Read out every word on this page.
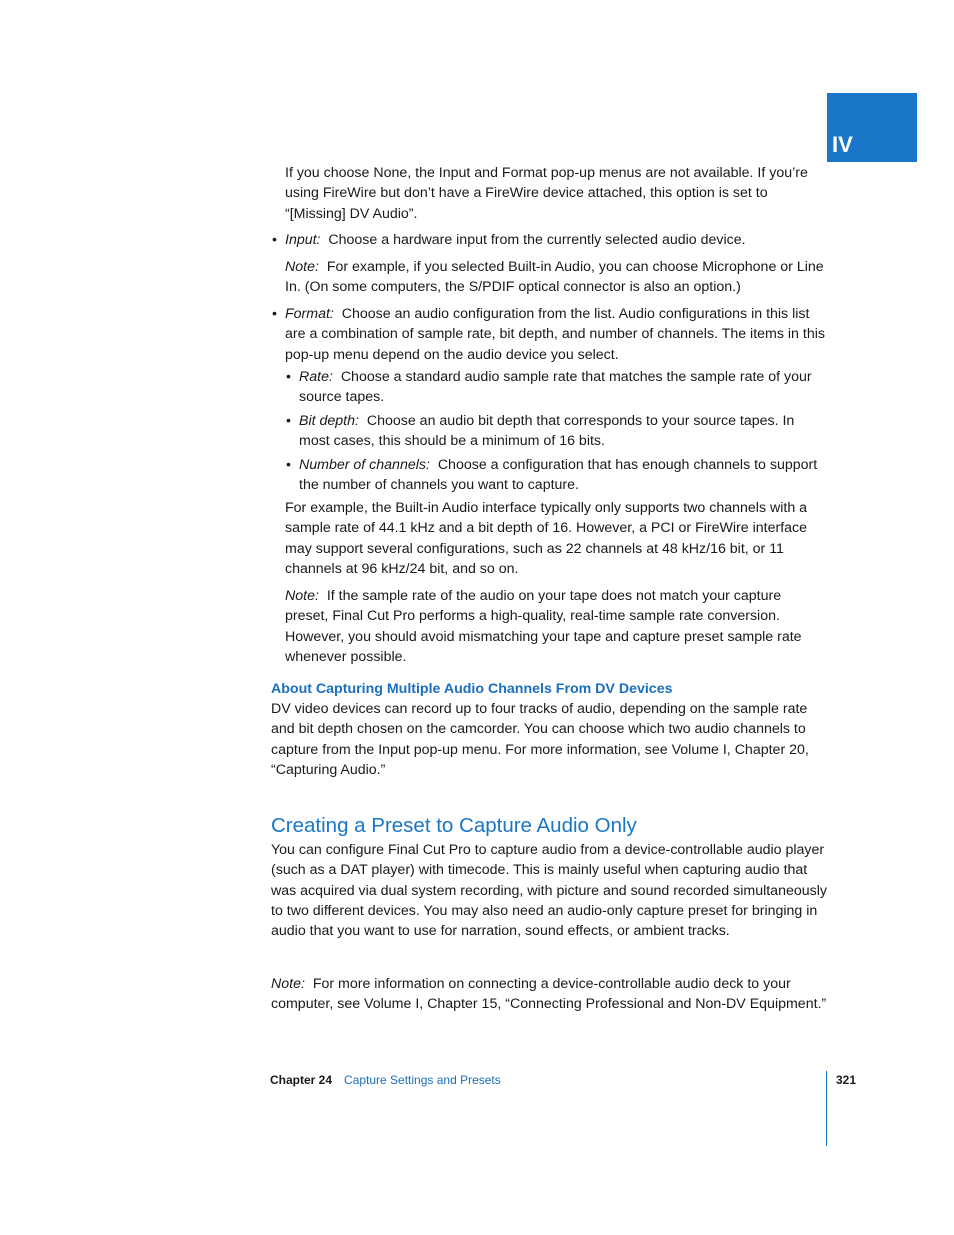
IV

If you choose None, the Input and Format pop-up menus are not available. If you’re using FireWire but don’t have a FireWire device attached, this option is set to “[Missing] DV Audio”.

• Input: Choose a hardware input from the currently selected audio device.

Note: For example, if you selected Built-in Audio, you can choose Microphone or Line In. (On some computers, the S/PDIF optical connector is also an option.)

• Format: Choose an audio configuration from the list. Audio configurations in this list are a combination of sample rate, bit depth, and number of channels. The items in this pop-up menu depend on the audio device you select.

• Rate: Choose a standard audio sample rate that matches the sample rate of your source tapes.

• Bit depth: Choose an audio bit depth that corresponds to your source tapes. In most cases, this should be a minimum of 16 bits.

• Number of channels: Choose a configuration that has enough channels to support the number of channels you want to capture.

For example, the Built-in Audio interface typically only supports two channels with a sample rate of 44.1 kHz and a bit depth of 16. However, a PCI or FireWire interface may support several configurations, such as 22 channels at 48 kHz/16 bit, or 11 channels at 96 kHz/24 bit, and so on.

Note: If the sample rate of the audio on your tape does not match your capture preset, Final Cut Pro performs a high-quality, real-time sample rate conversion. However, you should avoid mismatching your tape and capture preset sample rate whenever possible.

About Capturing Multiple Audio Channels From DV Devices

DV video devices can record up to four tracks of audio, depending on the sample rate and bit depth chosen on the camcorder. You can choose which two audio channels to capture from the Input pop-up menu. For more information, see Volume I, Chapter 20, “Capturing Audio.”

Creating a Preset to Capture Audio Only

You can configure Final Cut Pro to capture audio from a device-controllable audio player (such as a DAT player) with timecode. This is mainly useful when capturing audio that was acquired via dual system recording, with picture and sound recorded simultaneously to two different devices. You may also need an audio-only capture preset for bringing in audio that you want to use for narration, sound effects, or ambient tracks.

Note: For more information on connecting a device-controllable audio deck to your computer, see Volume I, Chapter 15, “Connecting Professional and Non-DV Equipment.”

Chapter 24 Capture Settings and Presets	321
